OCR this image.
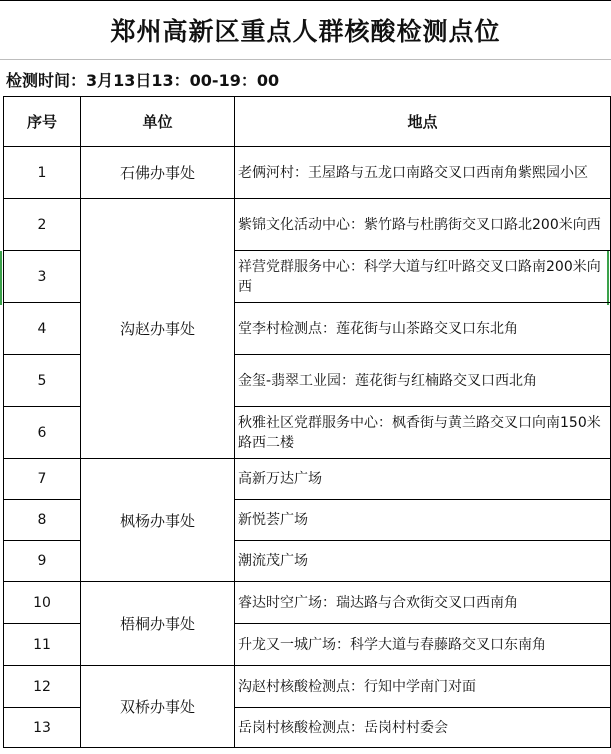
郑州高新区重点人群核酸检测点位
检测时间：3月13日13：00-19：00
序号	单位	地点
1	石佛办事处	老俩河村：王屋路与五龙口南路交叉口西南角紫熙园小区
2	沟赵办事处	紫锦文化活动中心：紫竹路与杜鹃街交叉口路北200米向西
3		祥营党群服务中心：科学大道与红叶路交叉口路南200米向西
4		堂李村检测点：莲花街与山茶路交叉口东北角
5		金玺-翡翠工业园：莲花街与红楠路交叉口西北角
6		秋雅社区党群服务中心：枫香街与黄兰路交叉口向南150米路西二楼
7	枫杨办事处	高新万达广场
8		新悦荟广场
9		潮流茂广场
10	梧桐办事处	睿达时空广场：瑞达路与合欢街交叉口西南角
11		升龙又一城广场：科学大道与春藤路交叉口东南角
12	双桥办事处	沟赵村核酸检测点：行知中学南门对面
13		岳岗村核酸检测点：岳岗村村委会
